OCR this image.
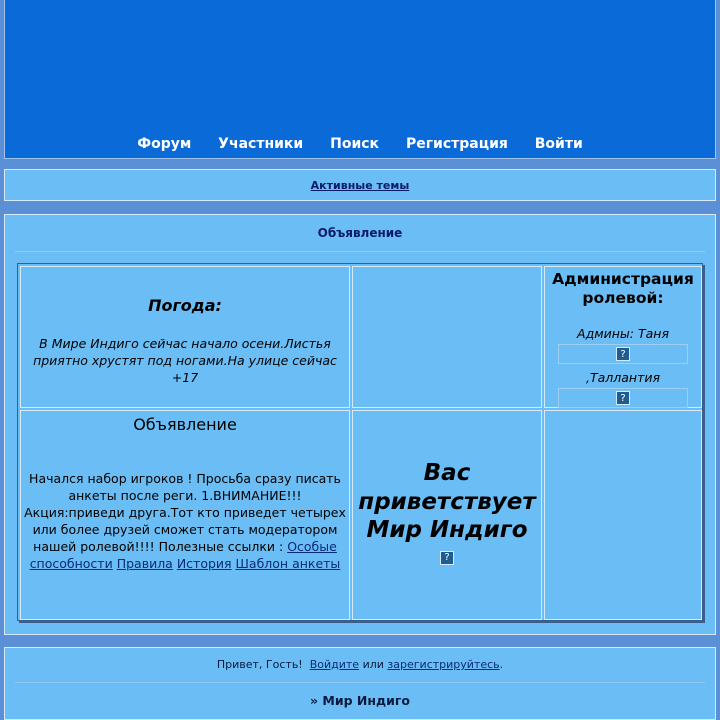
Форум Участники Поиск Регистрация Войти
Активные темы
Объявление
Погода:
В Мире Индиго сейчас начало осени.Листья приятно хрустят под ногами.На улице сейчас +17
Администрация ролевой:
Админы: Таня
?
,Таллантия
?
Объявление
Начался набор игроков ! Просьба сразу писать анкеты после реги. 1.ВНИМАНИЕ!!! Акция:приведи друга.Тот кто приведет четырех или более друзей сможет стать модератором нашей ролевой!!!! Полезные ссылки : Особые способности Правила История Шаблон анкеты
Вас приветствует Мир Индиго
?
Привет, Гость! Войдите или зарегистрируйтесь.
» Мир Индиго
